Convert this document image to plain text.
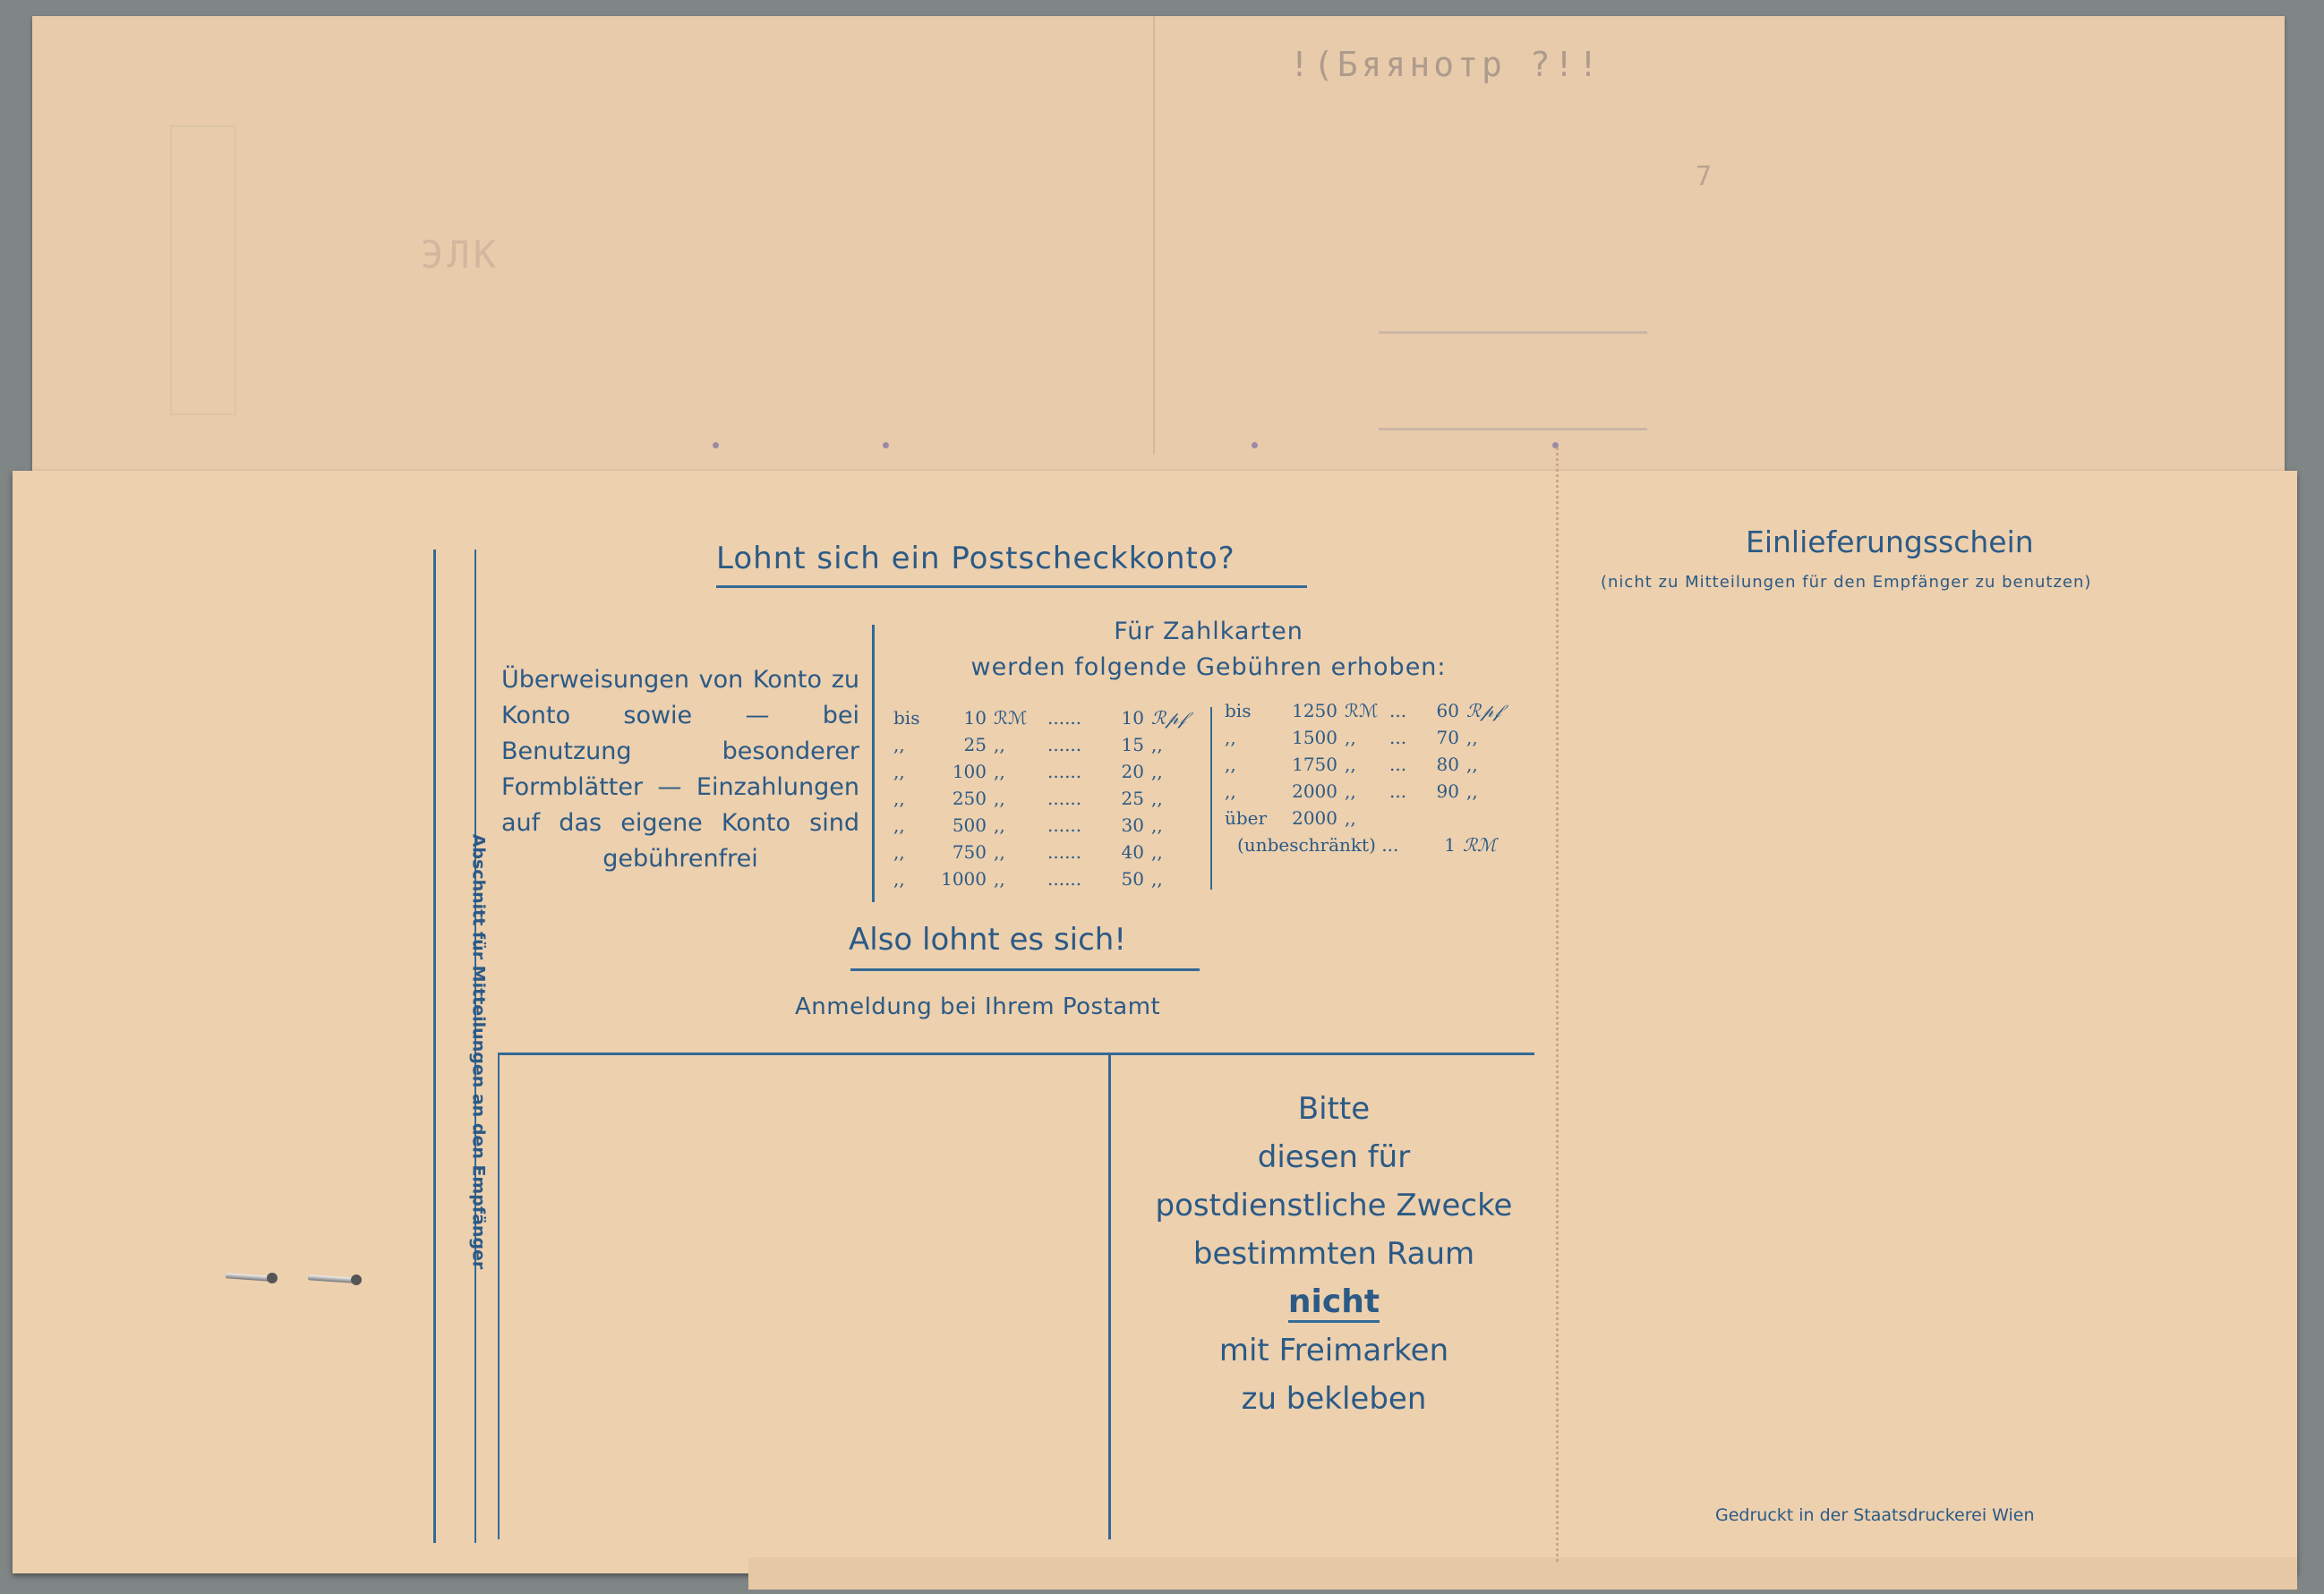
!(Бяянотр ?!!
ЭЛК
7
Abschnitt für Mitteilungen an den Empfänger
Lohnt sich ein Postscheckkonto?
Überweisungen von Konto zu Konto sowie — bei Benutzung besonderer Formblätter — Einzahlungen auf das eigene Konto sind gebührenfrei
Für Zahlkarten
werden folgende Gebühren erhoben:
bis	10 ℛℳ	......	10 ℛ𝓅𝒻
,,	25 ,,	......	15 ,,
,,	100 ,,	......	20 ,,
,,	250 ,,	......	25 ,,
,,	500 ,,	......	30 ,,
,,	750 ,,	......	40 ,,
,,	1000 ,,	......	50 ,,
bis	1250 ℛℳ ...	60 ℛ𝓅𝒻
,,	1500 ,,	...	70 ,,
,,	1750 ,,	...	80 ,,
,,	2000 ,,	...	90 ,,
über	2000 ,,
(unbeschränkt) ...	1 ℛℳ
Also lohnt es sich!
Anmeldung bei Ihrem Postamt
Bitte
diesen für
postdienstliche Zwecke
bestimmten Raum
nicht
mit Freimarken
zu bekleben
Einlieferungsschein
(nicht zu Mitteilungen für den Empfänger zu benutzen)
Gedruckt in der Staatsdruckerei Wien
